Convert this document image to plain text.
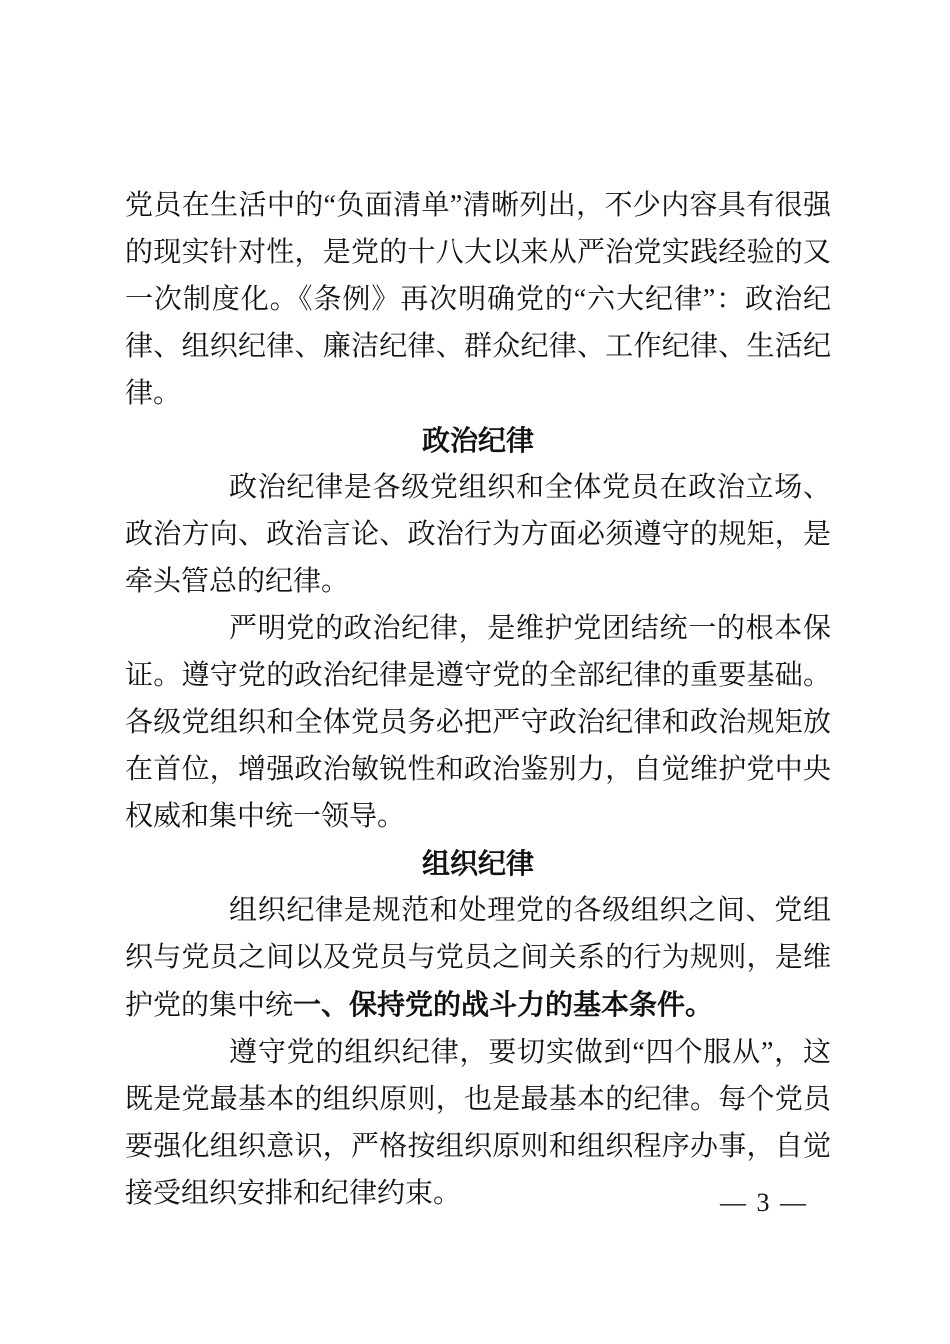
党员在生活中的“负面清单”清晰列出，不少内容具有很强的现实针对性，是党的十八大以来从严治党实践经验的又一次制度化。《条例》再次明确党的“六大纪律”：政治纪律、组织纪律、廉洁纪律、群众纪律、工作纪律、生活纪律。

政治纪律

政治纪律是各级党组织和全体党员在政治立场、政治方向、政治言论、政治行为方面必须遵守的规矩，是牵头管总的纪律。

严明党的政治纪律，是维护党团结统一的根本保证。遵守党的政治纪律是遵守党的全部纪律的重要基础。各级党组织和全体党员务必把严守政治纪律和政治规矩放在首位，增强政治敏锐性和政治鉴别力，自觉维护党中央权威和集中统一领导。

组织纪律

组织纪律是规范和处理党的各级组织之间、党组织与党员之间以及党员与党员之间关系的行为规则，是维护党的集中统一、保持党的战斗力的基本条件。

遵守党的组织纪律，要切实做到“四个服从”，这既是党最基本的组织原则，也是最基本的纪律。每个党员要强化组织意识，严格按组织原则和组织程序办事，自觉接受组织安排和纪律约束。	— 3 —
